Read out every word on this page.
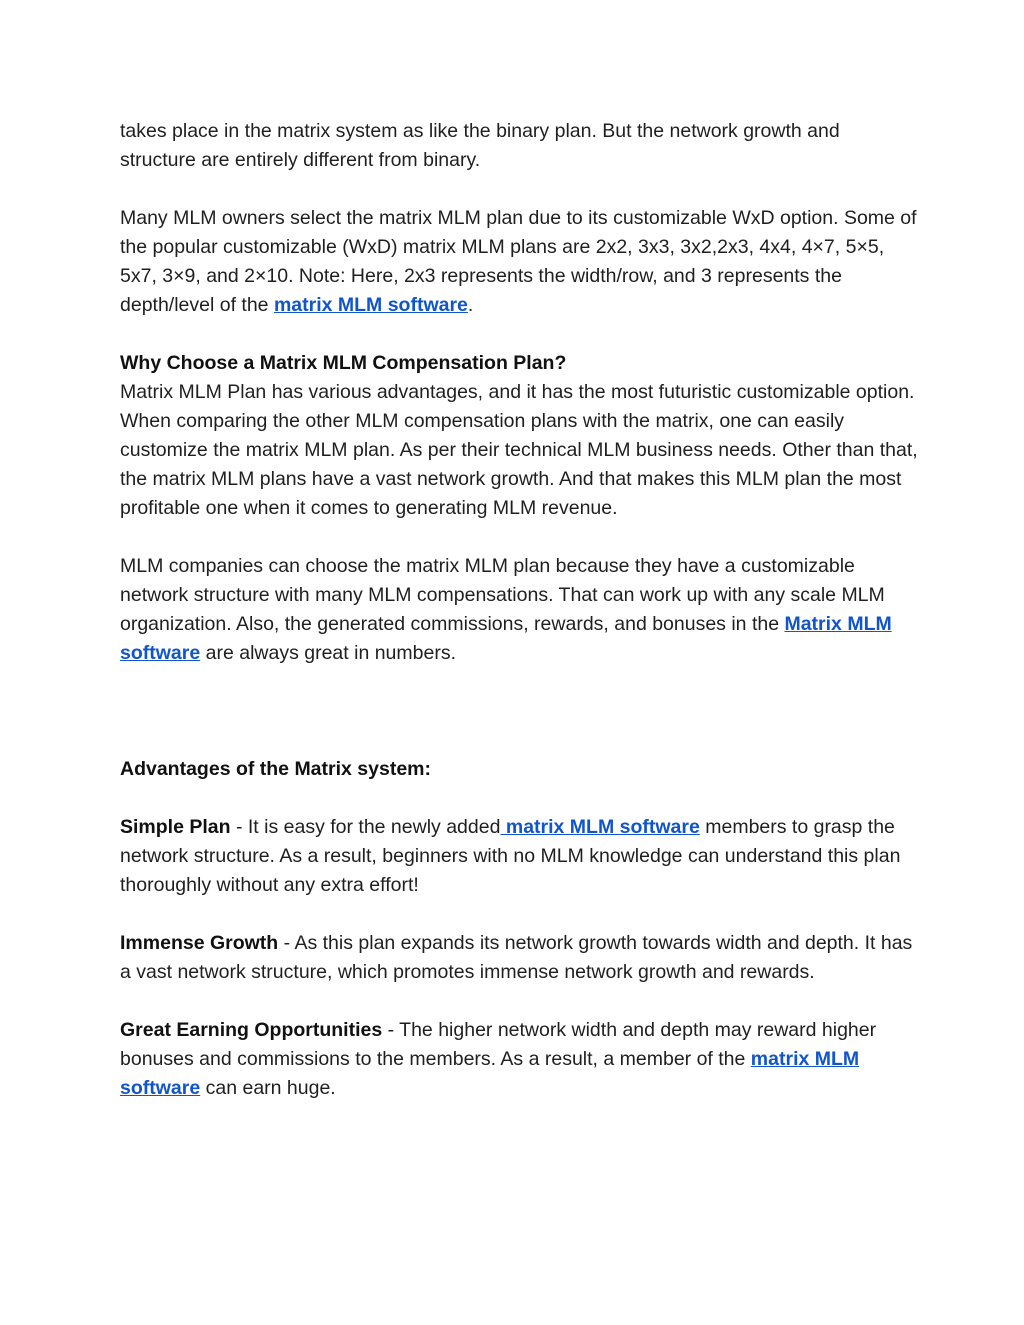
takes place in the matrix system as like the binary plan. But the network growth and structure are entirely different from binary.

Many MLM owners select the matrix MLM plan due to its customizable WxD option. Some of the popular customizable (WxD) matrix MLM plans are 2x2, 3x3, 3x2,2x3, 4x4, 4×7, 5×5, 5x7, 3×9, and 2×10. Note: Here, 2x3 represents the width/row, and 3 represents the depth/level of the matrix MLM software.

Why Choose a Matrix MLM Compensation Plan?

Matrix MLM Plan has various advantages, and it has the most futuristic customizable option. When comparing the other MLM compensation plans with the matrix, one can easily customize the matrix MLM plan. As per their technical MLM business needs. Other than that, the matrix MLM plans have a vast network growth. And that makes this MLM plan the most profitable one when it comes to generating MLM revenue.

MLM companies can choose the matrix MLM plan because they have a customizable network structure with many MLM compensations. That can work up with any scale MLM organization. Also, the generated commissions, rewards, and bonuses in the Matrix MLM software are always great in numbers.

Advantages of the Matrix system:

Simple Plan - It is easy for the newly added matrix MLM software members to grasp the network structure. As a result, beginners with no MLM knowledge can understand this plan thoroughly without any extra effort!

Immense Growth - As this plan expands its network growth towards width and depth. It has a vast network structure, which promotes immense network growth and rewards.

Great Earning Opportunities - The higher network width and depth may reward higher bonuses and commissions to the members. As a result, a member of the matrix MLM software can earn huge.
